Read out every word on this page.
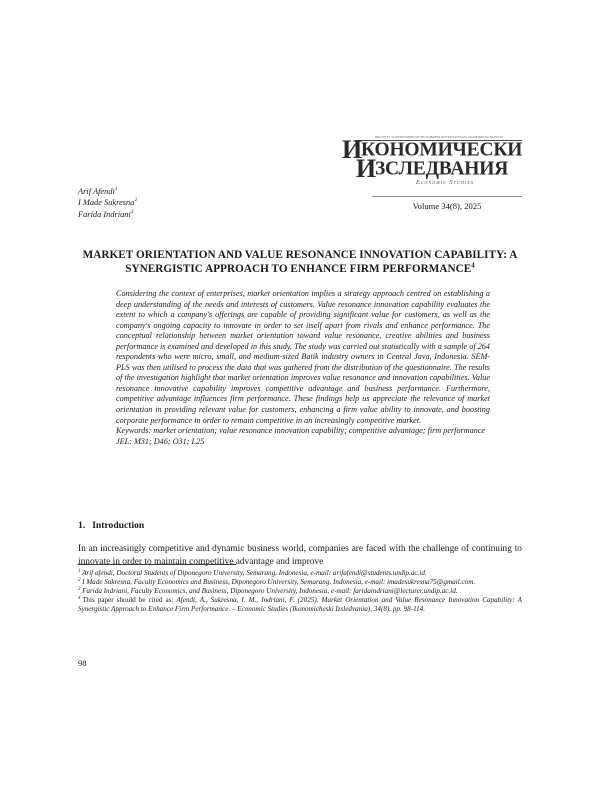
ИНСТИТУТ ЗА ИКОНОМИЧЕСКИ ИЗСЛЕДВАНИЯ ПРИ БЪЛГАРСКАТА АКАДЕМИЯ НА НАУКИТЕ
ИКОНОМИЧЕСКИ
ИЗСЛЕДВАНИЯ
Economic Studies
Arif Afendi$^1$
I Made Sukresna$^2$
Farida Indriani$^3$
Volume 34(8), 2025
MARKET ORIENTATION AND VALUE RESONANCE INNOVATION CAPABILITY: A SYNERGISTIC APPROACH TO ENHANCE FIRM PERFORMANCE$^4$

Considering the context of enterprises, market orientation implies a strategy approach centred on establishing a deep understanding of the needs and interests of customers. Value resonance innovation capability evaluates the extent to which a company's offerings are capable of providing significant value for customers, as well as the company's ongoing capacity to innovate in order to set itself apart from rivals and enhance performance. The conceptual relationship between market orientation toward value resonance, creative abilities and business performance is examined and developed in this study. The study was carried out statistically with a sample of 264 respondents who were micro, small, and medium-sized Batik industry owners in Central Java, Indonesia. SEM-PLS was then utilised to process the data that was gathered from the distribution of the questionnaire. The results of the investigation highlight that market orientation improves value resonance and innovation capabilities. Value resonance innovative capability improves competitive advantage and business performance. Furthermore, competitive advantage influences firm performance. These findings help us appreciate the relevance of market orientation in providing relevant value for customers, enhancing a firm value ability to innovate, and boosting corporate performance in order to remain competitive in an increasingly competitive market.

Keywords: market orientation; value resonance innovation capability; competitive advantage; firm performance

JEL: M31; D46; O31; L25

1. Introduction

In an increasingly competitive and dynamic business world, companies are faced with the challenge of continuing to innovate in order to maintain competitive advantage and improve

$^1$ Arif afendi, Doctoral Students of Diponegoro University, Semarang, Indonesia, e-mail: arifafendi@students.undip.ac.id.

$^2$ I Made Sukresna, Faculty Economics and Business, Diponegoro University, Semarang, Indonesia, e-mail: imadesukresna75@gmail.com.

$^3$ Farida Indriani, Faculty Economics, and Business, Diponegoro University, Indonesia, e-mail: faridaindriani@lecturer.undip.ac.id.

$^4$ This paper should be cited as: Afendi, A., Sukresna, I. M., Indriani, F. (2025). Market Orientation and Value Resonance Innovation Capability: A Synergistic Approach to Enhance Firm Performance. – Economic Studies (Ikonomicheski Izsledvania), 34(8), pp. 98-114.

98
